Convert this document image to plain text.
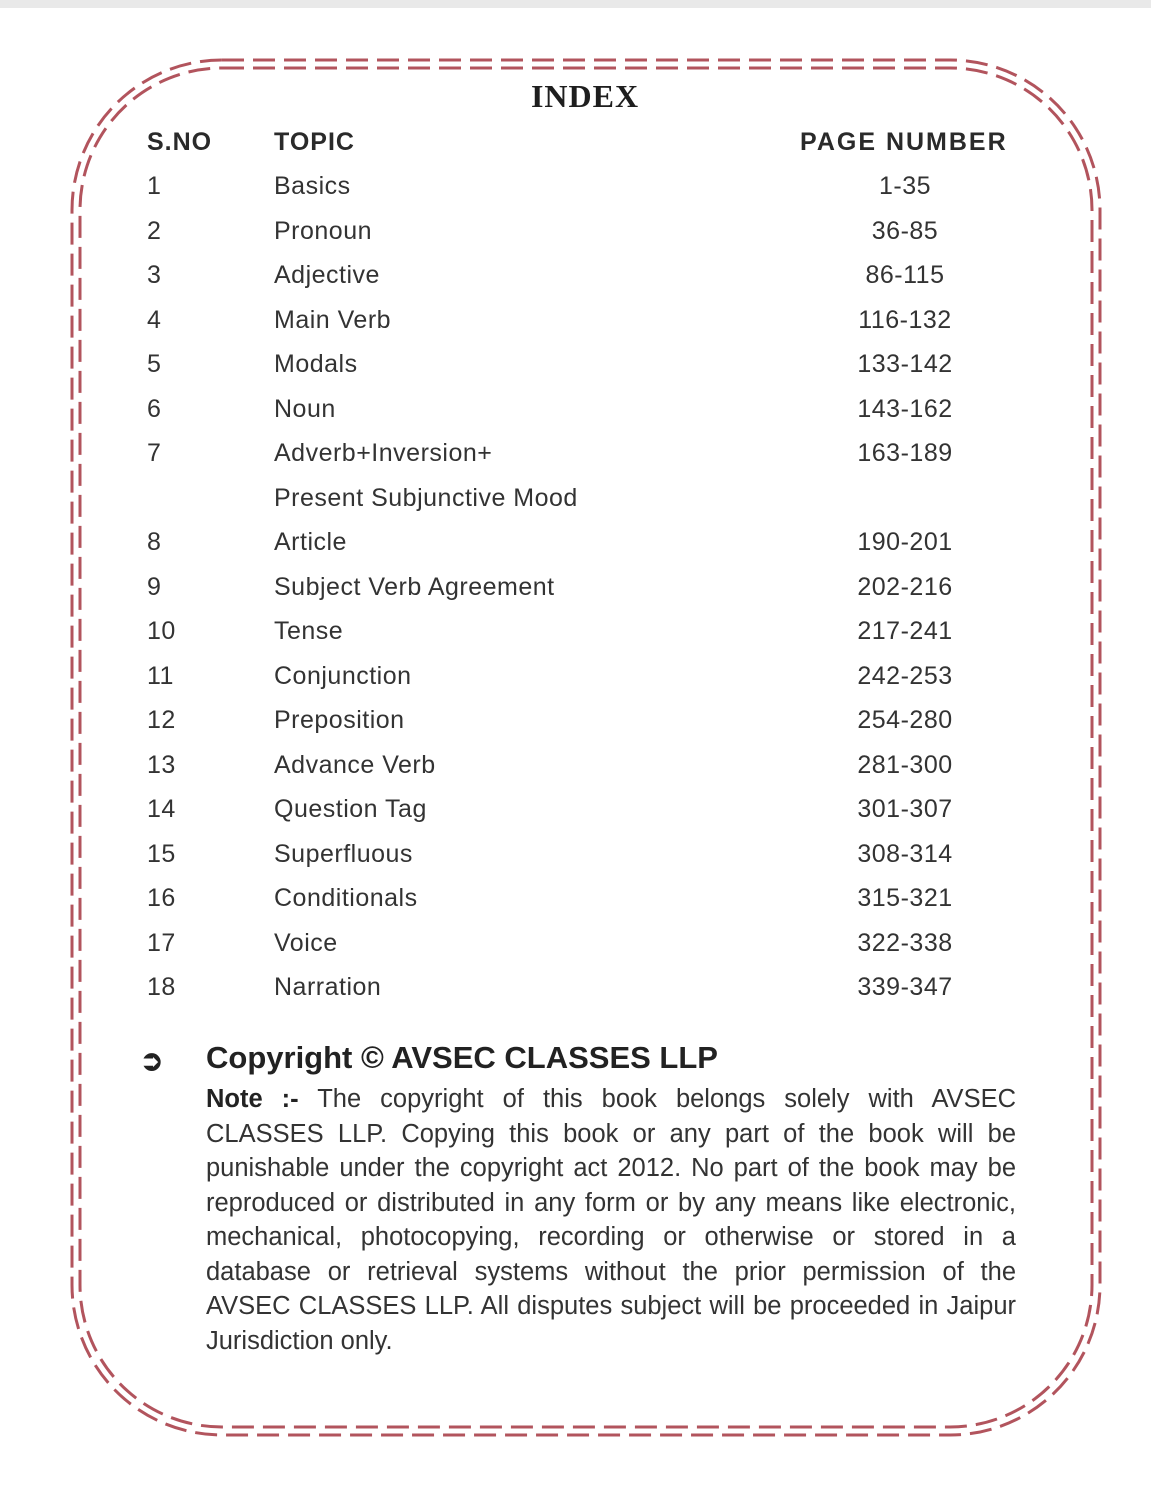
INDEX
S.NO TOPIC	PAGE NUMBER
1	Basics	1-35
2	Pronoun	36-85
3	Adjective	86-115
4	Main Verb	116-132
5	Modals	133-142
6	Noun	143-162
7	Adverb+Inversion+	163-189
Present Subjunctive Mood
8	Article	190-201
9	Subject Verb Agreement	202-216
10	Tense	217-241
11	Conjunction	242-253
12	Preposition	254-280
13	Advance Verb	281-300
14	Question Tag	301-307
15	Superfluous	308-314
16	Conditionals	315-321
17	Voice	322-338
18	Narration	339-347
➲ Copyright © AVSEC CLASSES LLP
Note :- The copyright of this book belongs solely with AVSEC CLASSES LLP. Copying this book or any part of the book will be punishable under the copyright act 2012. No part of the book may be reproduced or distributed in any form or by any means like electronic, mechanical, photocopying, recording or otherwise or stored in a database or retrieval systems without the prior permission of the AVSEC CLASSES LLP. All disputes subject will be proceeded in Jaipur Jurisdiction only.
